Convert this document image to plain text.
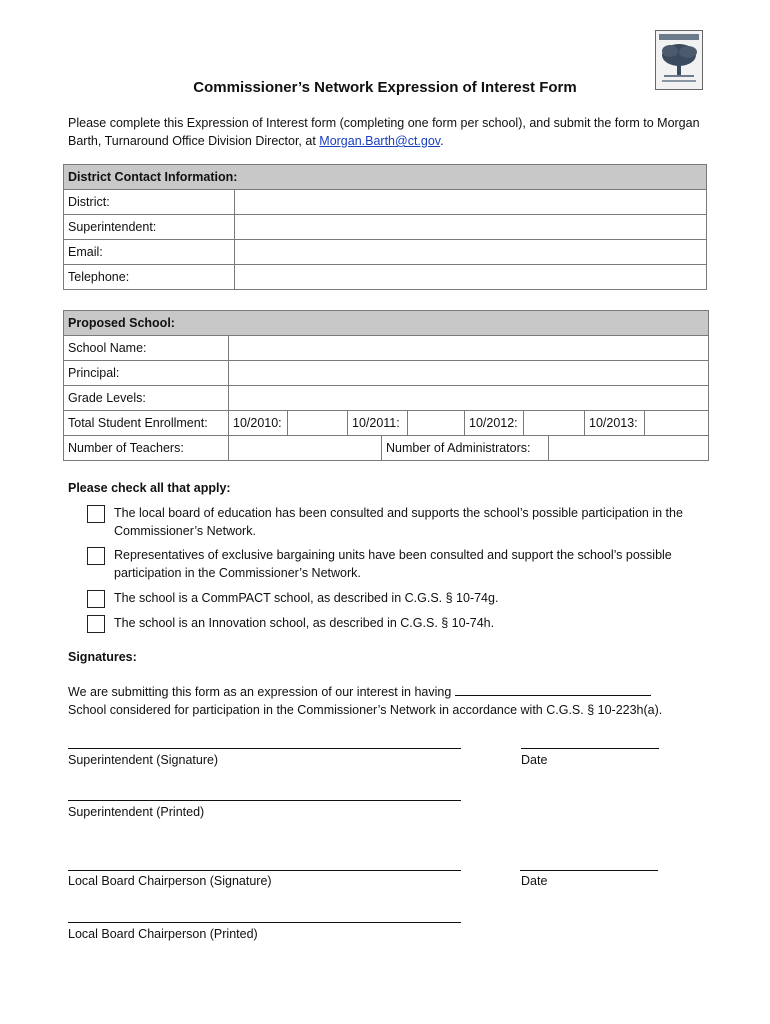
Commissioner’s Network Expression of Interest Form
Please complete this Expression of Interest form (completing one form per school), and submit the form to Morgan Barth, Turnaround Office Division Director, at Morgan.Barth@ct.gov.
District Contact Information:	
District:	
Superintendent:	
Email:	
Telephone:	
Proposed School:										
School Name:										
Principal:										
Grade Levels:										
Total Student Enrollment:	10/2010:		10/2011:			10/2012:			10/2013:	
Number of Teachers:				Number of Administrators:						
Please check all that apply:
The local board of education has been consulted and supports the school’s possible participation in the Commissioner’s Network.
Representatives of exclusive bargaining units have been consulted and support the school’s possible participation in the Commissioner’s Network.
The school is a CommPACT school, as described in C.G.S. § 10-74g.
The school is an Innovation school, as described in C.G.S. § 10-74h.
Signatures:
We are submitting this form as an expression of our interest in having
School considered for participation in the Commissioner’s Network in accordance with C.G.S. § 10-223h(a).
Superintendent (Signature)	Date
Superintendent (Printed)
Local Board Chairperson (Signature)	Date
Local Board Chairperson (Printed)
